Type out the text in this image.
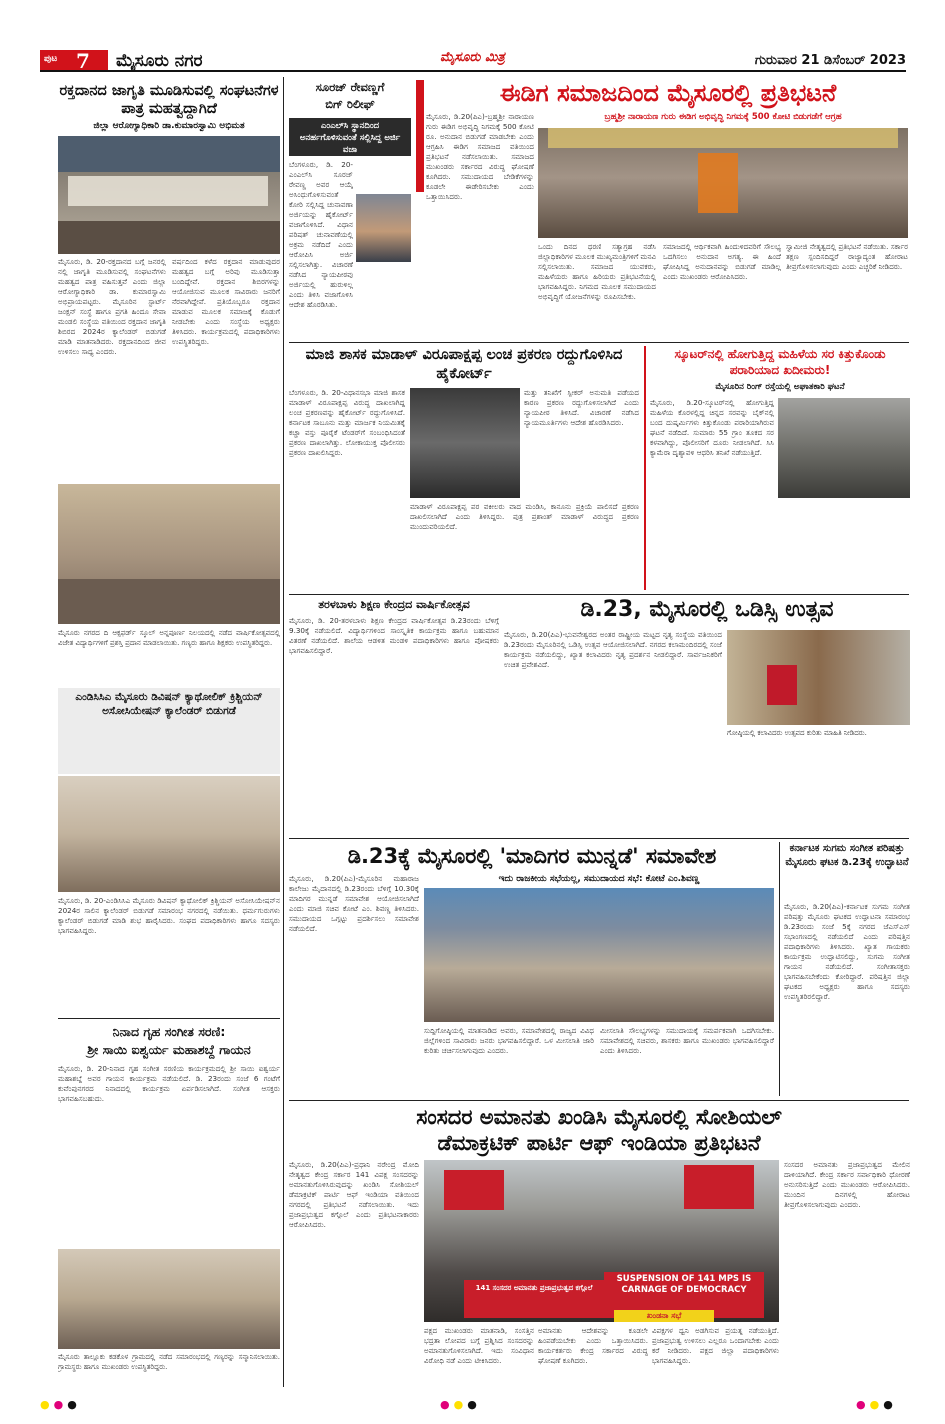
ಪುಟ 7 ಮೈಸೂರು ನಗರ	ಮೈಸೂರು ಮಿತ್ರ	ಗುರುವಾರ 21 ಡಿಸೆಂಬರ್ 2023
ರಕ್ತದಾನದ ಜಾಗೃತಿ ಮೂಡಿಸುವಲ್ಲಿ ಸಂಘಟನೆಗಳ ಪಾತ್ರ ಮಹತ್ವದ್ದಾಗಿದೆ
ಜಿಲ್ಲಾ ಆರೋಗ್ಯಾಧಿಕಾರಿ ಡಾ.ಕುಮಾರಸ್ವಾಮಿ ಅಭಿಮತ
ಮೈಸೂರು, ಡಿ. 20-ರಕ್ತದಾನದ ಬಗ್ಗೆ ಜನರಲ್ಲಿ ನಲ್ಲಿ ಜಾಗೃತಿ ಮೂಡಿಸುವಲ್ಲಿ ಸಂಘಟನೆಗಳು ಮಹತ್ವದ ಪಾತ್ರ ವಹಿಸುತ್ತವೆ ಎಂದು ಜಿಲ್ಲಾ ಆರೋಗ್ಯಾಧಿಕಾರಿ ಡಾ. ಕುಮಾರಸ್ವಾಮಿ ಅಭಿಪ್ರಾಯಪಟ್ಟರು. ಮೈಸೂರಿನ ಸ್ಟಾರ್ಟ್‌ ಜಂಕ್ಷನ್‌ ಸಂಸ್ಥೆ ಹಾಗೂ ಪ್ರಗತಿ ಹಿಂದೂ ಸೇವಾ ಮಂಡಲಿ ಸಂಸ್ಥೆಯ ವತಿಯಿಂದ ರಕ್ತದಾನ ಜಾಗೃತಿ ಶಿಬಿರದ 2024ರ ಕ್ಯಾಲೆಂಡರ್‌ ಬಿಡುಗಡೆ ಮಾಡಿ ಮಾತನಾಡಿದರು. ರಕ್ತದಾನದಿಂದ ಜೀವ ಉಳಿಸಲು ಸಾಧ್ಯ ಎಂದರು.
ವರ್ಷದಿಂದ ಕಳೆದ ರಕ್ತದಾನ ಮಾಡುವುದರ ಮಹತ್ವದ ಬಗ್ಗೆ ಅರಿವು ಮೂಡಿಸುತ್ತಾ ಬಂದಿದ್ದೇವೆ. ರಕ್ತದಾನ ಶಿಬಿರಗಳನ್ನು ಆಯೋಜಿಸುವ ಮೂಲಕ ಸಾವಿರಾರು ಜನರಿಗೆ ನೆರವಾಗಿದ್ದೇವೆ. ಪ್ರತಿಯೊಬ್ಬರೂ ರಕ್ತದಾನ ಮಾಡುವ ಮೂಲಕ ಸಮಾಜಕ್ಕೆ ಕೊಡುಗೆ ನೀಡಬೇಕು ಎಂದು ಸಂಸ್ಥೆಯ ಅಧ್ಯಕ್ಷರು ತಿಳಿಸಿದರು. ಕಾರ್ಯಕ್ರಮದಲ್ಲಿ ಪದಾಧಿಕಾರಿಗಳು ಉಪಸ್ಥಿತರಿದ್ದರು.
ಮೈಸೂರು ನಗರದ ದಿ ಆಕ್ಸಫರ್ಡ್‌ ಸ್ಕೂಲ್‌ ಅನ್ನಪೂರ್ಣ ನಿಲಯದಲ್ಲಿ ನಡೆದ ವಾರ್ಷಿಕೋತ್ಸವದಲ್ಲಿ ವಿಜೇತ ವಿದ್ಯಾರ್ಥಿಗಳಿಗೆ ಪ್ರಶಸ್ತಿ ಪ್ರದಾನ ಮಾಡಲಾಯಿತು. ಗಣ್ಯರು ಹಾಗೂ ಶಿಕ್ಷಕರು ಉಪಸ್ಥಿತರಿದ್ದರು.
ಎಂಡಿಸಿಸಿಎ ಮೈಸೂರು ಡಿವಿಷನ್ ಕ್ಯಾಥೋಲಿಕ್ ಕ್ರಿಶ್ಚಿಯನ್ ಅಸೋಸಿಯೇಷನ್ ಕ್ಯಾಲೆಂಡರ್ ಬಿಡುಗಡೆ
ಮೈಸೂರು, ಡಿ. 20-ಎಂಡಿಸಿಸಿಎ ಮೈಸೂರು ಡಿವಿಷನ್ ಕ್ಯಾಥೋಲಿಕ್ ಕ್ರಿಶ್ಚಿಯನ್ ಅಸೋಸಿಯೇಷನ್‌ನ 2024ರ ಸಾಲಿನ ಕ್ಯಾಲೆಂಡರ್‌ ಬಿಡುಗಡೆ ಸಮಾರಂಭ ನಗರದಲ್ಲಿ ನಡೆಯಿತು. ಧರ್ಮಗುರುಗಳು ಕ್ಯಾಲೆಂಡರ್‌ ಬಿಡುಗಡೆ ಮಾಡಿ ಶುಭ ಹಾರೈಸಿದರು. ಸಂಘದ ಪದಾಧಿಕಾರಿಗಳು ಹಾಗೂ ಸದಸ್ಯರು ಭಾಗವಹಿಸಿದ್ದರು.
ನಿನಾದ ಗೃಹ ಸಂಗೀತ ಸರಣಿ:
ಶ್ರೀ ಸಾಯಿ ಐಶ್ವರ್ಯ ಮಹಾಶಬ್ದೆ ಗಾಯನ
ಮೈಸೂರು, ಡಿ. 20-ನಿನಾದ ಗೃಹ ಸಂಗೀತ ಸರಣಿಯ ಕಾರ್ಯಕ್ರಮದಲ್ಲಿ ಶ್ರೀ ಸಾಯಿ ಐಶ್ವರ್ಯ ಮಹಾಶಬ್ದೆ ಅವರ ಗಾಯನ ಕಾರ್ಯಕ್ರಮ ನಡೆಯಲಿದೆ. ಡಿ. 23ರಂದು ಸಂಜೆ 6 ಗಂಟೆಗೆ ಕುವೆಂಪುನಗರದ ನಿನಾದದಲ್ಲಿ ಕಾರ್ಯಕ್ರಮ ಏರ್ಪಡಿಸಲಾಗಿದೆ. ಸಂಗೀತ ಆಸಕ್ತರು ಭಾಗವಹಿಸಬಹುದು.
ಮೈಸೂರು ತಾಲ್ಲೂಕು ಕಡಕೊಳ ಗ್ರಾಮದಲ್ಲಿ ನಡೆದ ಸಮಾರಂಭದಲ್ಲಿ ಗಣ್ಯರನ್ನು ಸನ್ಮಾನಿಸಲಾಯಿತು. ಗ್ರಾಮಸ್ಥರು ಹಾಗೂ ಮುಖಂಡರು ಉಪಸ್ಥಿತರಿದ್ದರು.
ಸೂರಜ್ ರೇವಣ್ಣಗೆ
ಬಿಗ್ ರಿಲೀಫ್
ಎಂಎಲ್‌ಸಿ ಸ್ಥಾನದಿಂದ ಅನರ್ಹಗೊಳಿಸುವಂತೆ ಸಲ್ಲಿಸಿದ್ದ ಅರ್ಜಿ ವಜಾ
ಬೆಂಗಳೂರು, ಡಿ. 20-ಎಂಎಲ್‌ಸಿ ಸೂರಜ್‌ ರೇವಣ್ಣ ಅವರ ಆಯ್ಕೆ ಅಸಿಂಧುಗೊಳಿಸುವಂತೆ ಕೋರಿ ಸಲ್ಲಿಸಿದ್ದ ಚುನಾವಣಾ ಅರ್ಜಿಯನ್ನು ಹೈಕೋರ್ಟ್‌ ವಜಾಗೊಳಿಸಿದೆ. ವಿಧಾನ ಪರಿಷತ್‌ ಚುನಾವಣೆಯಲ್ಲಿ ಅಕ್ರಮ ನಡೆದಿದೆ ಎಂದು ಆರೋಪಿಸಿ ಅರ್ಜಿ ಸಲ್ಲಿಸಲಾಗಿತ್ತು. ವಿಚಾರಣೆ ನಡೆಸಿದ ನ್ಯಾಯಪೀಠವು ಅರ್ಜಿಯಲ್ಲಿ ಹುರುಳಿಲ್ಲ ಎಂದು ತಿಳಿಸಿ ವಜಾಗೊಳಿಸಿ ಆದೇಶ ಹೊರಡಿಸಿತು.
ಈಡಿಗ ಸಮಾಜದಿಂದ ಮೈಸೂರಲ್ಲಿ ಪ್ರತಿಭಟನೆ
ಬ್ರಹ್ಮಶ್ರೀ ನಾರಾಯಣ ಗುರು ಈಡಿಗ ಅಭಿವೃದ್ಧಿ ನಿಗಮಕ್ಕೆ 500 ಕೋಟಿ ಬಿಡುಗಡೆಗೆ ಆಗ್ರಹ
ಮೈಸೂರು, ಡಿ.20(ಪಿಎ)-ಬ್ರಹ್ಮಶ್ರೀ ನಾರಾಯಣ ಗುರು ಈಡಿಗ ಅಭಿವೃದ್ಧಿ ನಿಗಮಕ್ಕೆ 500 ಕೋಟಿ ರೂ. ಅನುದಾನ ಬಿಡುಗಡೆ ಮಾಡಬೇಕು ಎಂದು ಆಗ್ರಹಿಸಿ ಈಡಿಗ ಸಮಾಜದ ವತಿಯಿಂದ ಪ್ರತಿಭಟನೆ ನಡೆಸಲಾಯಿತು. ಸಮಾಜದ ಮುಖಂಡರು ಸರ್ಕಾರದ ವಿರುದ್ಧ ಘೋಷಣೆ ಕೂಗಿದರು. ಸಮುದಾಯದ ಬೇಡಿಕೆಗಳನ್ನು ಕೂಡಲೇ ಈಡೇರಿಸಬೇಕು ಎಂದು ಒತ್ತಾಯಿಸಿದರು.
ಒಂದು ದಿನದ ಧರಣಿ ಸತ್ಯಾಗ್ರಹ ನಡೆಸಿ ಜಿಲ್ಲಾಧಿಕಾರಿಗಳ ಮೂಲಕ ಮುಖ್ಯಮಂತ್ರಿಗಳಿಗೆ ಮನವಿ ಸಲ್ಲಿಸಲಾಯಿತು. ಸಮಾಜದ ಯುವಕರು, ಮಹಿಳೆಯರು ಹಾಗೂ ಹಿರಿಯರು ಪ್ರತಿಭಟನೆಯಲ್ಲಿ ಭಾಗವಹಿಸಿದ್ದರು. ನಿಗಮದ ಮೂಲಕ ಸಮುದಾಯದ ಅಭಿವೃದ್ಧಿಗೆ ಯೋಜನೆಗಳನ್ನು ರೂಪಿಸಬೇಕು.
ಸಮಾಜದಲ್ಲಿ ಆರ್ಥಿಕವಾಗಿ ಹಿಂದುಳಿದವರಿಗೆ ಸೌಲಭ್ಯ ಒದಗಿಸಲು ಅನುದಾನ ಅಗತ್ಯ. ಈ ಹಿಂದೆ ಘೋಷಿಸಿದ್ದ ಅನುದಾನವನ್ನು ಬಿಡುಗಡೆ ಮಾಡಿಲ್ಲ ಎಂದು ಮುಖಂಡರು ಆರೋಪಿಸಿದರು.
ಸ್ವಾಮೀಜಿ ನೇತೃತ್ವದಲ್ಲಿ ಪ್ರತಿಭಟನೆ ನಡೆಯಿತು. ಸರ್ಕಾರ ತಕ್ಷಣ ಸ್ಪಂದಿಸದಿದ್ದರೆ ರಾಜ್ಯಾದ್ಯಂತ ಹೋರಾಟ ತೀವ್ರಗೊಳಿಸಲಾಗುವುದು ಎಂದು ಎಚ್ಚರಿಕೆ ನೀಡಿದರು.
ಮಾಜಿ ಶಾಸಕ ಮಾಡಾಳ್ ವಿರೂಪಾಕ್ಷಪ್ಪ ಲಂಚ ಪ್ರಕರಣ ರದ್ದುಗೊಳಿಸಿದ ಹೈಕೋರ್ಟ್
ಬೆಂಗಳೂರು, ಡಿ. 20-ವಿಧಾನಸಭಾ ಮಾಜಿ ಶಾಸಕ ಮಾಡಾಳ್‌ ವಿರೂಪಾಕ್ಷಪ್ಪ ವಿರುದ್ಧ ದಾಖಲಾಗಿದ್ದ ಲಂಚ ಪ್ರಕರಣವನ್ನು ಹೈಕೋರ್ಟ್‌ ರದ್ದುಗೊಳಿಸಿದೆ. ಕರ್ನಾಟಕ ಸಾಬೂನು ಮತ್ತು ಮಾರ್ಜಕ ನಿಯಮಿತಕ್ಕೆ ಕಚ್ಚಾ ವಸ್ತು ಪೂರೈಕೆ ಟೆಂಡರ್‌ಗೆ ಸಂಬಂಧಿಸಿದಂತೆ ಪ್ರಕರಣ ದಾಖಲಾಗಿತ್ತು. ಲೋಕಾಯುಕ್ತ ಪೊಲೀಸರು ಪ್ರಕರಣ ದಾಖಲಿಸಿದ್ದರು.
ಮತ್ತು ತನಿಖೆಗೆ ಸ್ಪೀಕರ್‌ ಅನುಮತಿ ಪಡೆಯದ ಕಾರಣ ಪ್ರಕರಣ ರದ್ದುಗೊಳಿಸಲಾಗಿದೆ ಎಂದು ನ್ಯಾಯಪೀಠ ತಿಳಿಸಿದೆ. ವಿಚಾರಣೆ ನಡೆಸಿದ ನ್ಯಾಯಮೂರ್ತಿಗಳು ಆದೇಶ ಹೊರಡಿಸಿದರು.
ಮಾಡಾಳ್‌ ವಿರೂಪಾಕ್ಷಪ್ಪ ಪರ ವಕೀಲರು ವಾದ ಮಂಡಿಸಿ, ಕಾನೂನು ಪ್ರಕ್ರಿಯೆ ಪಾಲಿಸದೆ ಪ್ರಕರಣ ದಾಖಲಿಸಲಾಗಿದೆ ಎಂದು ತಿಳಿಸಿದ್ದರು. ಪುತ್ರ ಪ್ರಶಾಂತ್‌ ಮಾಡಾಳ್‌ ವಿರುದ್ಧದ ಪ್ರಕರಣ ಮುಂದುವರಿಯಲಿದೆ.
ಸ್ಕೂಟರ್‌ನಲ್ಲಿ ಹೋಗುತ್ತಿದ್ದ ಮಹಿಳೆಯ ಸರ ಕಿತ್ತುಕೊಂಡು ಪರಾರಿಯಾದ ಖದೀಮರು!
ಮೈಸೂರಿನ ರಿಂಗ್ ರಸ್ತೆಯಲ್ಲಿ ಅಘಾತಕಾರಿ ಘಟನೆ
ಮೈಸೂರು, ಡಿ.20-ಸ್ಕೂಟರ್‌ನಲ್ಲಿ ಹೋಗುತ್ತಿದ್ದ ಮಹಿಳೆಯ ಕೊರಳಲ್ಲಿದ್ದ ಚಿನ್ನದ ಸರವನ್ನು ಬೈಕ್‌ನಲ್ಲಿ ಬಂದ ದುಷ್ಕರ್ಮಿಗಳು ಕಿತ್ತುಕೊಂಡು ಪರಾರಿಯಾಗಿರುವ ಘಟನೆ ನಡೆದಿದೆ. ಸುಮಾರು 55 ಗ್ರಾಂ ತೂಕದ ಸರ ಕಳವಾಗಿದ್ದು, ಪೊಲೀಸರಿಗೆ ದೂರು ನೀಡಲಾಗಿದೆ. ಸಿಸಿ ಕ್ಯಾಮೆರಾ ದೃಶ್ಯಾವಳಿ ಆಧರಿಸಿ ತನಿಖೆ ನಡೆಯುತ್ತಿದೆ.
ತರಳಬಾಳು ಶಿಕ್ಷಣ ಕೇಂದ್ರದ ವಾರ್ಷಿಕೋತ್ಸವ
ಮೈಸೂರು, ಡಿ. 20-ತರಳಬಾಳು ಶಿಕ್ಷಣ ಕೇಂದ್ರದ ವಾರ್ಷಿಕೋತ್ಸವ ಡಿ.23ರಂದು ಬೆಳಿಗ್ಗೆ 9.30ಕ್ಕೆ ನಡೆಯಲಿದೆ. ವಿದ್ಯಾರ್ಥಿಗಳಿಂದ ಸಾಂಸ್ಕೃತಿಕ ಕಾರ್ಯಕ್ರಮ ಹಾಗೂ ಬಹುಮಾನ ವಿತರಣೆ ನಡೆಯಲಿದೆ. ಶಾಲೆಯ ಆಡಳಿತ ಮಂಡಳಿ ಪದಾಧಿಕಾರಿಗಳು ಹಾಗೂ ಪೋಷಕರು ಭಾಗವಹಿಸಲಿದ್ದಾರೆ.
ಡಿ.23, ಮೈಸೂರಲ್ಲಿ ಒಡಿಸ್ಸಿ ಉತ್ಸವ
ಮೈಸೂರು, ಡಿ.20(ಪಿಎ)-ಭುವನೇಶ್ವರದ ಅಂತರ ರಾಷ್ಟ್ರೀಯ ಮಟ್ಟದ ನೃತ್ಯ ಸಂಸ್ಥೆಯ ವತಿಯಿಂದ ಡಿ.23ರಂದು ಮೈಸೂರಿನಲ್ಲಿ ಒಡಿಸ್ಸಿ ಉತ್ಸವ ಆಯೋಜಿಸಲಾಗಿದೆ. ನಗರದ ಕಲಾಮಂದಿರದಲ್ಲಿ ಸಂಜೆ ಕಾರ್ಯಕ್ರಮ ನಡೆಯಲಿದ್ದು, ಖ್ಯಾತ ಕಲಾವಿದರು ನೃತ್ಯ ಪ್ರದರ್ಶನ ನೀಡಲಿದ್ದಾರೆ. ಸಾರ್ವಜನಿಕರಿಗೆ ಉಚಿತ ಪ್ರವೇಶವಿದೆ.
ಗೋಷ್ಠಿಯಲ್ಲಿ ಕಲಾವಿದರು ಉತ್ಸವದ ಕುರಿತು ಮಾಹಿತಿ ನೀಡಿದರು.
ಡಿ.23ಕ್ಕೆ ಮೈಸೂರಲ್ಲಿ 'ಮಾದಿಗರ ಮುನ್ನಡೆ' ಸಮಾವೇಶ
ಮೈಸೂರು, ಡಿ.20(ಪಿಎ)-ಮೈಸೂರಿನ ಮಹಾರಾಜ ಕಾಲೇಜು ಮೈದಾನದಲ್ಲಿ ಡಿ.23ರಂದು ಬೆಳಿಗ್ಗೆ 10.30ಕ್ಕೆ ಮಾದಿಗರ ಮುನ್ನಡೆ ಸಮಾವೇಶ ಆಯೋಜಿಸಲಾಗಿದೆ ಎಂದು ಮಾಜಿ ಸಚಿವ ಕೋಟೆ ಎಂ. ಶಿವಣ್ಣ ತಿಳಿಸಿದರು. ಸಮುದಾಯದ ಒಗ್ಗಟ್ಟು ಪ್ರದರ್ಶಿಸಲು ಸಮಾವೇಶ ನಡೆಯಲಿದೆ.
ಇದು ರಾಜಕೀಯ ಸಭೆಯಲ್ಲ, ಸಮುದಾಯದ ಸಭೆ: ಕೋಟೆ ಎಂ.ಶಿವಣ್ಣ
ಸುದ್ದಿಗೋಷ್ಠಿಯಲ್ಲಿ ಮಾತನಾಡಿದ ಅವರು, ಸಮಾವೇಶದಲ್ಲಿ ರಾಜ್ಯದ ವಿವಿಧ ಜಿಲ್ಲೆಗಳಿಂದ ಸಾವಿರಾರು ಜನರು ಭಾಗವಹಿಸಲಿದ್ದಾರೆ. ಒಳ ಮೀಸಲಾತಿ ಜಾರಿ ಕುರಿತು ಚರ್ಚಿಸಲಾಗುವುದು ಎಂದರು.
ಮೀಸಲಾತಿ ಸೌಲಭ್ಯಗಳನ್ನು ಸಮುದಾಯಕ್ಕೆ ಸಮರ್ಪಕವಾಗಿ ಒದಗಿಸಬೇಕು. ಸಮಾವೇಶದಲ್ಲಿ ಸಚಿವರು, ಶಾಸಕರು ಹಾಗೂ ಮುಖಂಡರು ಭಾಗವಹಿಸಲಿದ್ದಾರೆ ಎಂದು ತಿಳಿಸಿದರು.
ಕರ್ನಾಟಕ ಸುಗಮ ಸಂಗೀತ ಪರಿಷತ್ತು ಮೈಸೂರು ಘಟಕ ಡಿ.23ಕ್ಕೆ ಉದ್ಘಾಟನೆ
ಮೈಸೂರು, ಡಿ.20(ಪಿಎ)-ಕರ್ನಾಟಕ ಸುಗಮ ಸಂಗೀತ ಪರಿಷತ್ತು ಮೈಸೂರು ಘಟಕದ ಉದ್ಘಾಟನಾ ಸಮಾರಂಭ ಡಿ.23ರಂದು ಸಂಜೆ 5ಕ್ಕೆ ನಗರದ ಜೆಎಸ್‌ಎಸ್‌ ಸಭಾಂಗಣದಲ್ಲಿ ನಡೆಯಲಿದೆ ಎಂದು ಪರಿಷತ್ತಿನ ಪದಾಧಿಕಾರಿಗಳು ತಿಳಿಸಿದರು. ಖ್ಯಾತ ಗಾಯಕರು ಕಾರ್ಯಕ್ರಮ ಉದ್ಘಾಟಿಸಲಿದ್ದು, ಸುಗಮ ಸಂಗೀತ ಗಾಯನ ನಡೆಯಲಿದೆ. ಸಂಗೀತಾಸಕ್ತರು ಭಾಗವಹಿಸಬೇಕೆಂದು ಕೋರಿದ್ದಾರೆ. ಪರಿಷತ್ತಿನ ಜಿಲ್ಲಾ ಘಟಕದ ಅಧ್ಯಕ್ಷರು ಹಾಗೂ ಸದಸ್ಯರು ಉಪಸ್ಥಿತರಿರಲಿದ್ದಾರೆ.
ಸಂಸದರ ಅಮಾನತು ಖಂಡಿಸಿ ಮೈಸೂರಲ್ಲಿ ಸೋಶಿಯಲ್
ಡೆಮಾಕ್ರಟಿಕ್ ಪಾರ್ಟಿ ಆಫ್ ಇಂಡಿಯಾ ಪ್ರತಿಭಟನೆ
ಮೈಸೂರು, ಡಿ.20(ಪಿಎ)-ಪ್ರಧಾನಿ ನರೇಂದ್ರ ಮೋದಿ ನೇತೃತ್ವದ ಕೇಂದ್ರ ಸರ್ಕಾರ 141 ವಿಪಕ್ಷ ಸಂಸದರನ್ನು ಅಮಾನತುಗೊಳಿಸಿರುವುದನ್ನು ಖಂಡಿಸಿ ಸೋಶಿಯಲ್‌ ಡೆಮಾಕ್ರಟಿಕ್‌ ಪಾರ್ಟಿ ಆಫ್‌ ಇಂಡಿಯಾ ವತಿಯಿಂದ ನಗರದಲ್ಲಿ ಪ್ರತಿಭಟನೆ ನಡೆಸಲಾಯಿತು. ಇದು ಪ್ರಜಾಪ್ರಭುತ್ವದ ಕಗ್ಗೊಲೆ ಎಂದು ಪ್ರತಿಭಟನಾಕಾರರು ಆರೋಪಿಸಿದರು.
141 ಸಂಸದರ ಅಮಾನತು ಪ್ರಜಾಪ್ರಭುತ್ವದ ಕಗ್ಗೊಲೆ
SUSPENSION OF 141 MPS IS CARNAGE OF DEMOCRACY
ಖಂಡನಾ ಸಭೆ
ಪಕ್ಷದ ಮುಖಂಡರು ಮಾತನಾಡಿ, ಸಂಸತ್ತಿನ ಭದ್ರತಾ ಲೋಪದ ಬಗ್ಗೆ ಪ್ರಶ್ನಿಸಿದ ಸಂಸದರನ್ನು ಅಮಾನತುಗೊಳಿಸಲಾಗಿದೆ. ಇದು ಸಂವಿಧಾನ ವಿರೋಧಿ ನಡೆ ಎಂದು ಟೀಕಿಸಿದರು.
ಅಮಾನತು ಆದೇಶವನ್ನು ಕೂಡಲೇ ಹಿಂಪಡೆಯಬೇಕು ಎಂದು ಒತ್ತಾಯಿಸಿದರು. ಕಾರ್ಯಕರ್ತರು ಕೇಂದ್ರ ಸರ್ಕಾರದ ವಿರುದ್ಧ ಘೋಷಣೆ ಕೂಗಿದರು.
ವಿಪಕ್ಷಗಳ ಧ್ವನಿ ಅಡಗಿಸುವ ಪ್ರಯತ್ನ ನಡೆಯುತ್ತಿದೆ. ಪ್ರಜಾಪ್ರಭುತ್ವ ಉಳಿಸಲು ಎಲ್ಲರೂ ಒಂದಾಗಬೇಕು ಎಂದು ಕರೆ ನೀಡಿದರು. ಪಕ್ಷದ ಜಿಲ್ಲಾ ಪದಾಧಿಕಾರಿಗಳು ಭಾಗವಹಿಸಿದ್ದರು.
ಸಂಸದರ ಅಮಾನತು ಪ್ರಜಾಪ್ರಭುತ್ವದ ಮೇಲಿನ ದಾಳಿಯಾಗಿದೆ. ಕೇಂದ್ರ ಸರ್ಕಾರ ಸರ್ವಾಧಿಕಾರಿ ಧೋರಣೆ ಅನುಸರಿಸುತ್ತಿದೆ ಎಂದು ಮುಖಂಡರು ಆರೋಪಿಸಿದರು. ಮುಂದಿನ ದಿನಗಳಲ್ಲಿ ಹೋರಾಟ ತೀವ್ರಗೊಳಿಸಲಾಗುವುದು ಎಂದರು.
●●●	●●●	●●●
